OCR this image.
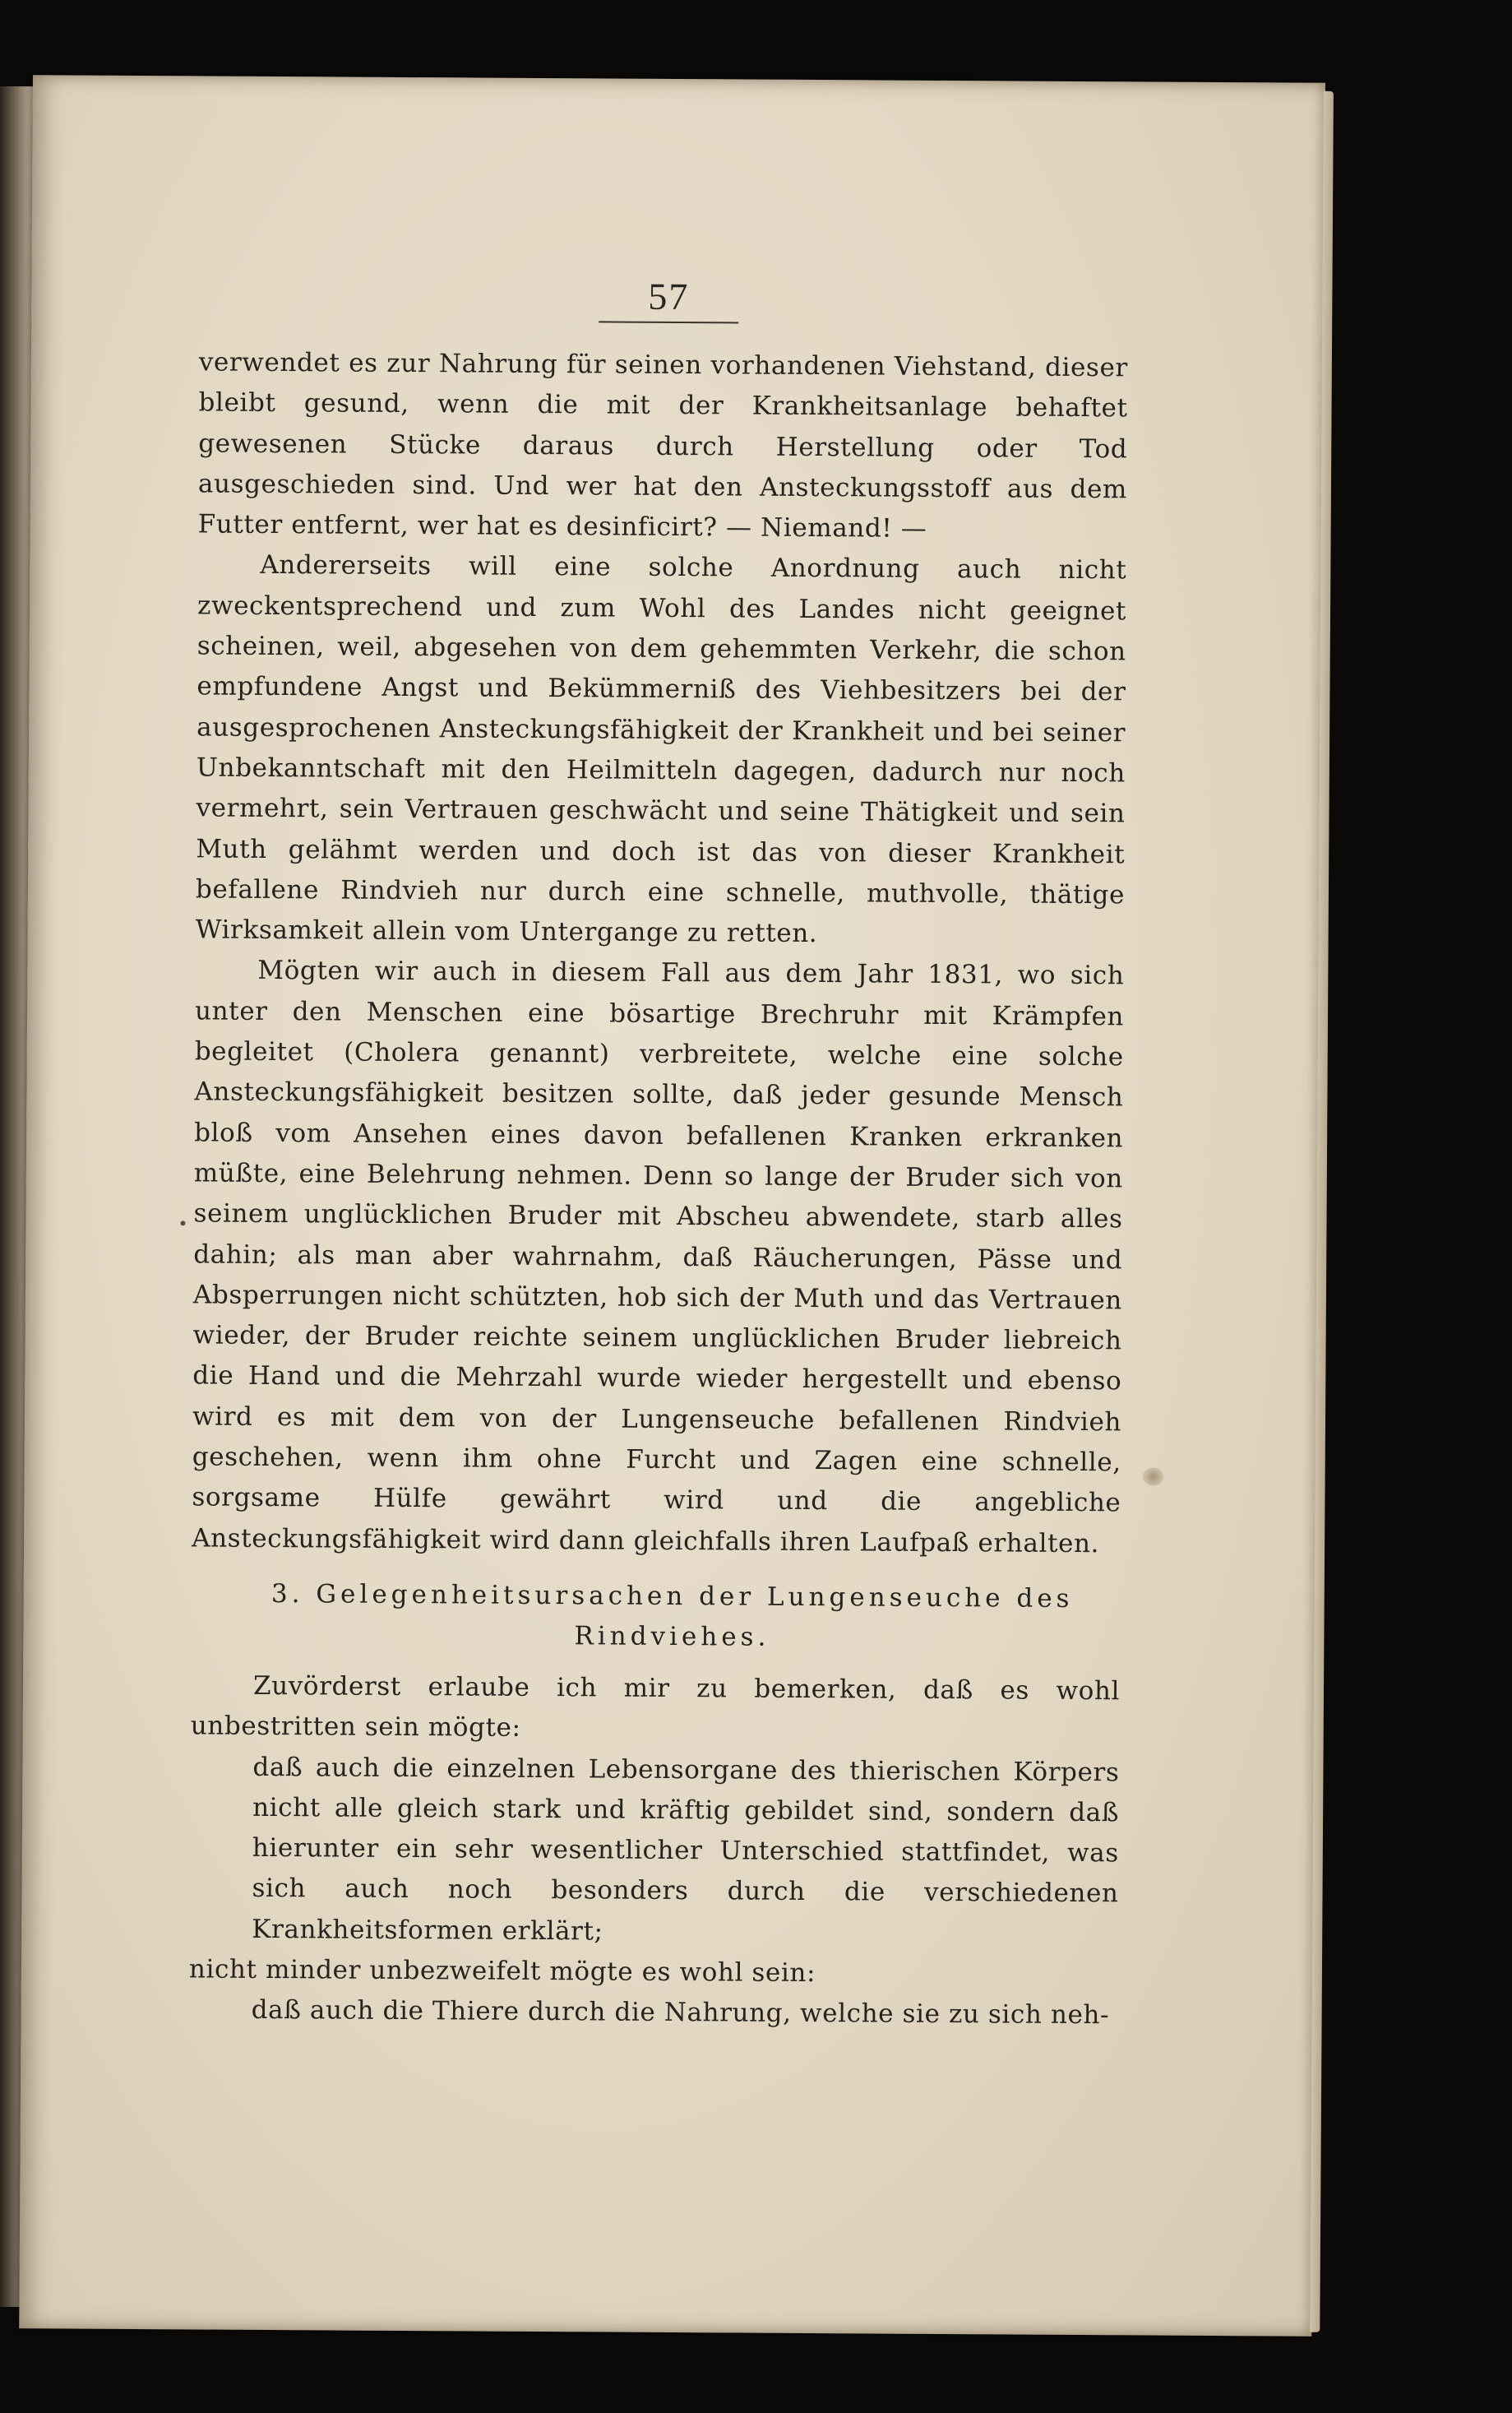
57

verwendet es zur Nahrung für seinen vorhandenen Viehstand, dieser bleibt gesund, wenn die mit der Krankheitsanlage behaftet gewesenen Stücke daraus durch Herstellung oder Tod ausgeschieden sind. Und wer hat den Ansteckungsstoff aus dem Futter entfernt, wer hat es desinficirt? — Niemand! —

Andererseits will eine solche Anordnung auch nicht zweckentsprechend und zum Wohl des Landes nicht geeignet scheinen, weil, abgesehen von dem gehemmten Verkehr, die schon empfundene Angst und Bekümmerniß des Viehbesitzers bei der ausgesprochenen Ansteckungsfähigkeit der Krankheit und bei seiner Unbekanntschaft mit den Heilmitteln dagegen, dadurch nur noch vermehrt, sein Vertrauen geschwächt und seine Thätigkeit und sein Muth gelähmt werden und doch ist das von dieser Krankheit befallene Rindvieh nur durch eine schnelle, muthvolle, thätige Wirksamkeit allein vom Untergange zu retten.

Mögten wir auch in diesem Fall aus dem Jahr 1831, wo sich unter den Menschen eine bösartige Brechruhr mit Krämpfen begleitet (Cholera genannt) verbreitete, welche eine solche Ansteckungsfähigkeit besitzen sollte, daß jeder gesunde Mensch bloß vom Ansehen eines davon befallenen Kranken erkranken müßte, eine Belehrung nehmen. Denn so lange der Bruder sich von seinem unglücklichen Bruder mit Abscheu abwendete, starb alles dahin; als man aber wahrnahm, daß Räucherungen, Pässe und Absperrungen nicht schützten, hob sich der Muth und das Vertrauen wieder, der Bruder reichte seinem unglücklichen Bruder liebreich die Hand und die Mehrzahl wurde wieder hergestellt und ebenso wird es mit dem von der Lungenseuche befallenen Rindvieh geschehen, wenn ihm ohne Furcht und Zagen eine schnelle, sorgsame Hülfe gewährt wird und die angebliche Ansteckungsfähigkeit wird dann gleichfalls ihren Laufpaß erhalten.

3. Gelegenheitsursachen der Lungenseuche des Rindviehes.

Zuvörderst erlaube ich mir zu bemerken, daß es wohl unbestritten sein mögte:

daß auch die einzelnen Lebensorgane des thierischen Körpers nicht alle gleich stark und kräftig gebildet sind, sondern daß hierunter ein sehr wesentlicher Unterschied stattfindet, was sich auch noch besonders durch die verschiedenen Krankheitsformen erklärt;

nicht minder unbezweifelt mögte es wohl sein:

daß auch die Thiere durch die Nahrung, welche sie zu sich neh-
